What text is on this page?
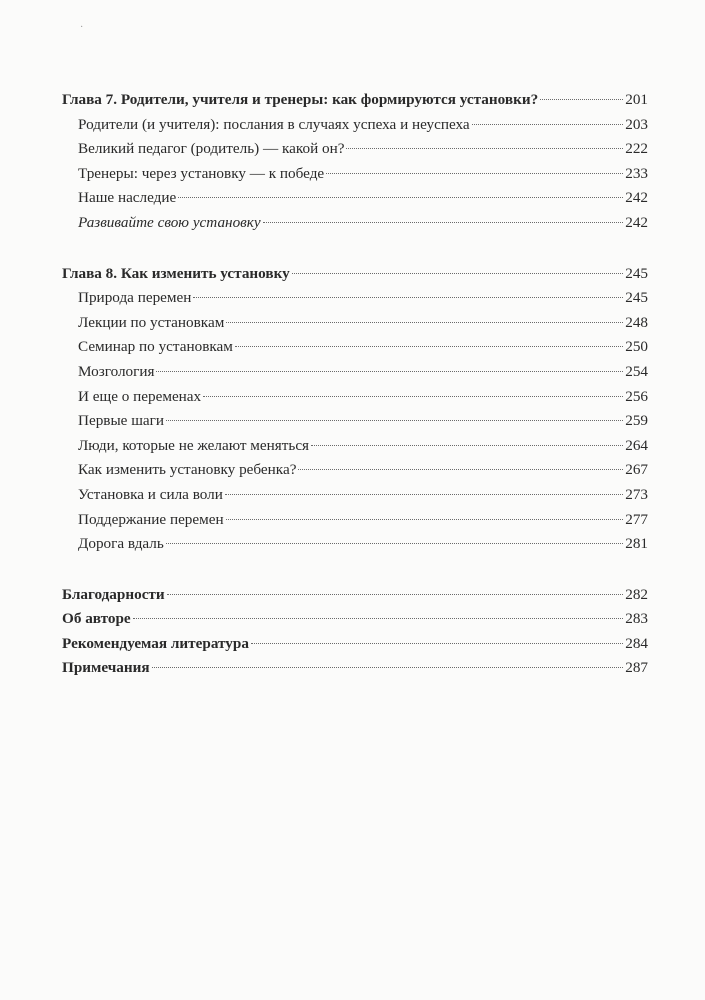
·
Глава 7. Родители, учителя и тренеры: как формируются установки?	201
Родители (и учителя): послания в случаях успеха и неуспеха	203
Великий педагог (родитель) — какой он?	222
Тренеры: через установку — к победе	233
Наше наследие	242
Развивайте свою установку	242
Глава 8. Как изменить установку	245
Природа перемен	245
Лекции по установкам	248
Семинар по установкам	250
Мозгология	254
И еще о переменах	256
Первые шаги	259
Люди, которые не желают меняться	264
Как изменить установку ребенка?	267
Установка и сила воли	273
Поддержание перемен	277
Дорога вдаль	281
Благодарности	282
Об авторе	283
Рекомендуемая литература	284
Примечания	287
